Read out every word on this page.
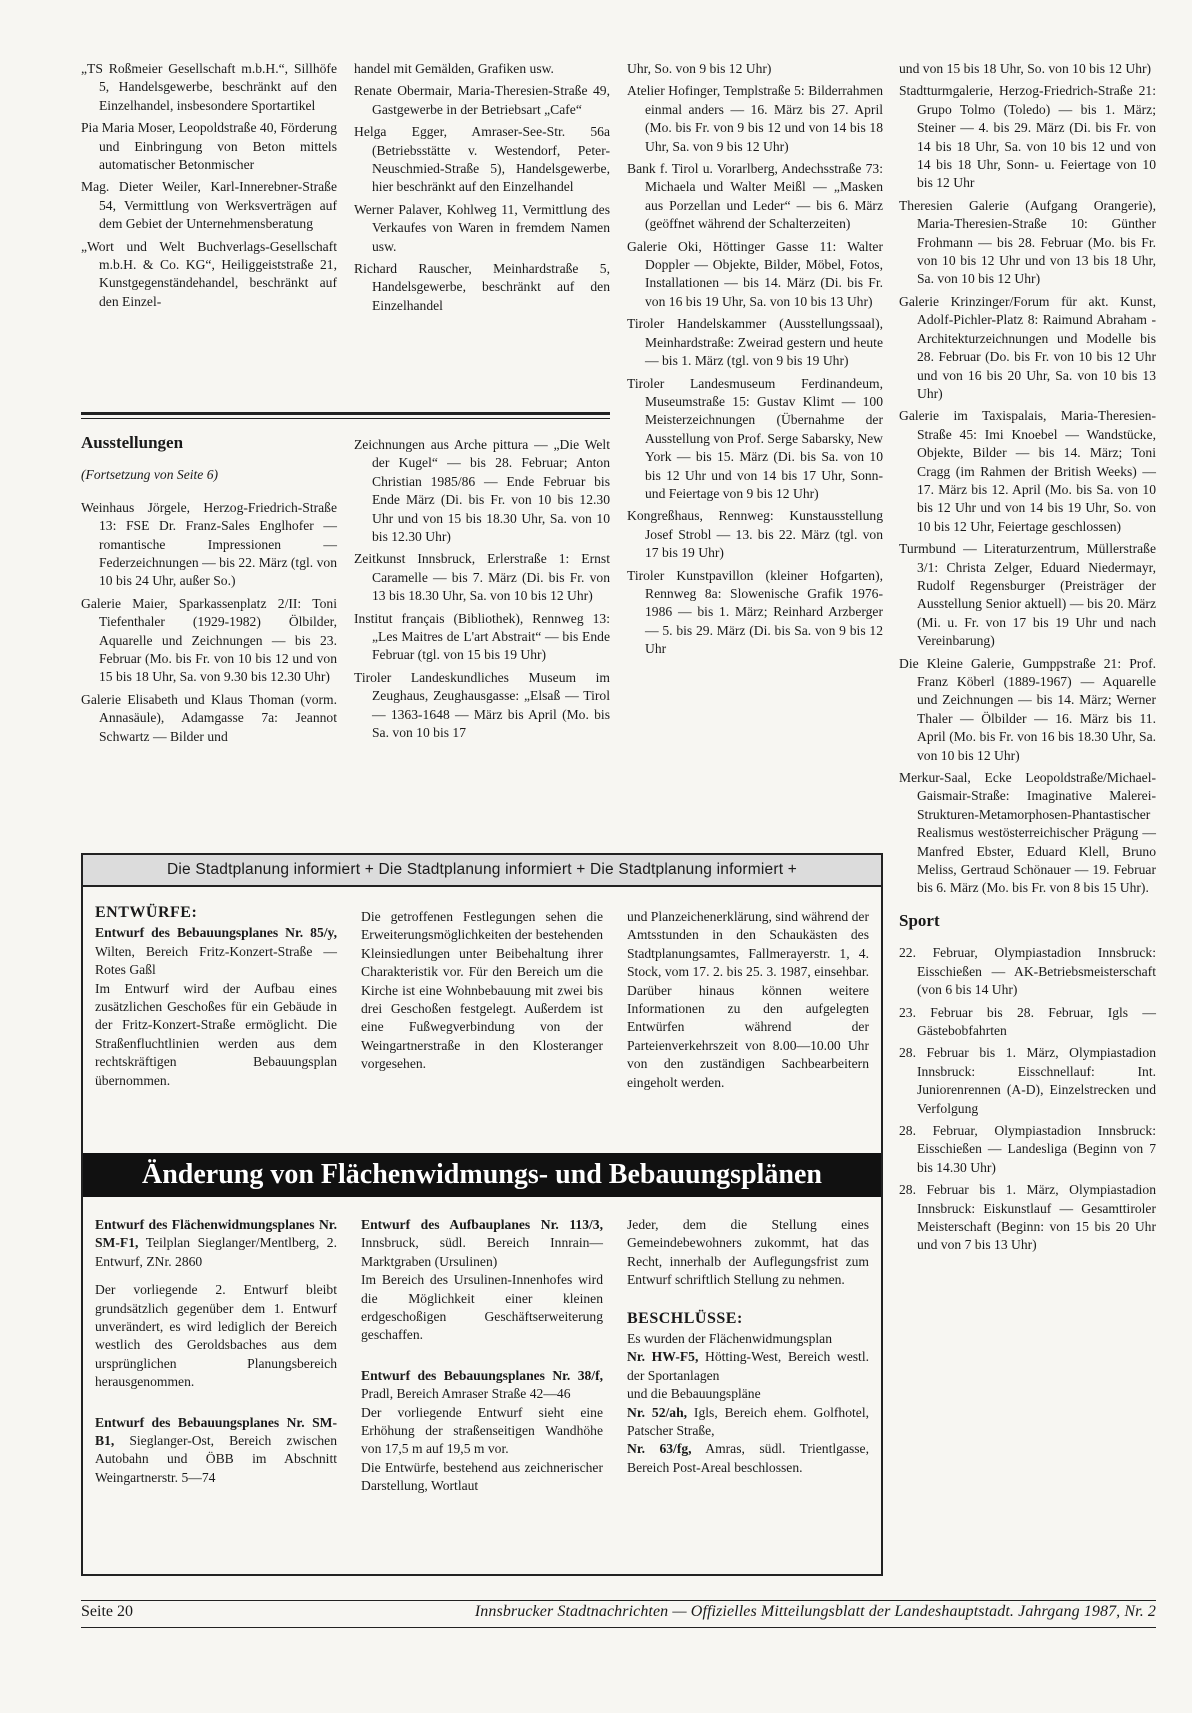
„TS Roßmeier Gesellschaft m.b.H.“, Sillhöfe 5, Handelsgewerbe, beschränkt auf den Einzelhandel, insbesondere Sportartikel

Pia Maria Moser, Leopoldstraße 40, Förderung und Einbringung von Beton mittels automatischer Betonmischer

Mag. Dieter Weiler, Karl-Innerebner-Straße 54, Vermittlung von Werksverträgen auf dem Gebiet der Unternehmensberatung

„Wort und Welt Buchverlags-Gesellschaft m.b.H. & Co. KG“, Heiliggeiststraße 21, Kunstgegenständehandel, beschränkt auf den Einzel-

handel mit Gemälden, Grafiken usw.

Renate Obermair, Maria-Theresien-Straße 49, Gastgewerbe in der Betriebsart „Cafe“

Helga Egger, Amraser-See-Str. 56a (Betriebsstätte v. Westendorf, Peter-Neuschmied-Straße 5), Handelsgewerbe, hier beschränkt auf den Einzelhandel

Werner Palaver, Kohlweg 11, Vermittlung des Verkaufes von Waren in fremdem Namen usw.

Richard Rauscher, Meinhardstraße 5, Handelsgewerbe, beschränkt auf den Einzelhandel

Ausstellungen

(Fortsetzung von Seite 6)

Weinhaus Jörgele, Herzog-Friedrich-Straße 13: FSE Dr. Franz-Sales Englhofer — romantische Impressionen — Federzeichnungen — bis 22. März (tgl. von 10 bis 24 Uhr, außer So.)

Galerie Maier, Sparkassenplatz 2/II: Toni Tiefenthaler (1929-1982) Ölbilder, Aquarelle und Zeichnungen — bis 23. Februar (Mo. bis Fr. von 10 bis 12 und von 15 bis 18 Uhr, Sa. von 9.30 bis 12.30 Uhr)

Galerie Elisabeth und Klaus Thoman (vorm. Annasäule), Adamgasse 7a: Jeannot Schwartz — Bilder und

Zeichnungen aus Arche pittura — „Die Welt der Kugel“ — bis 28. Februar; Anton Christian 1985/86 — Ende Februar bis Ende März (Di. bis Fr. von 10 bis 12.30 Uhr und von 15 bis 18.30 Uhr, Sa. von 10 bis 12.30 Uhr)

Zeitkunst Innsbruck, Erlerstraße 1: Ernst Caramelle — bis 7. März (Di. bis Fr. von 13 bis 18.30 Uhr, Sa. von 10 bis 12 Uhr)

Institut français (Bibliothek), Rennweg 13: „Les Maitres de L'art Abstrait“ — bis Ende Februar (tgl. von 15 bis 19 Uhr)

Tiroler Landeskundliches Museum im Zeughaus, Zeughausgasse: „Elsaß — Tirol — 1363-1648 — März bis April (Mo. bis Sa. von 10 bis 17

Uhr, So. von 9 bis 12 Uhr)

Atelier Hofinger, Templstraße 5: Bilderrahmen einmal anders — 16. März bis 27. April (Mo. bis Fr. von 9 bis 12 und von 14 bis 18 Uhr, Sa. von 9 bis 12 Uhr)

Bank f. Tirol u. Vorarlberg, Andechsstraße 73: Michaela und Walter Meißl — „Masken aus Porzellan und Leder“ — bis 6. März (geöffnet während der Schalterzeiten)

Galerie Oki, Höttinger Gasse 11: Walter Doppler — Objekte, Bilder, Möbel, Fotos, Installationen — bis 14. März (Di. bis Fr. von 16 bis 19 Uhr, Sa. von 10 bis 13 Uhr)

Tiroler Handelskammer (Ausstellungssaal), Meinhardstraße: Zweirad gestern und heute — bis 1. März (tgl. von 9 bis 19 Uhr)

Tiroler Landesmuseum Ferdinandeum, Museumstraße 15: Gustav Klimt — 100 Meisterzeichnungen (Übernahme der Ausstellung von Prof. Serge Sabarsky, New York — bis 15. März (Di. bis Sa. von 10 bis 12 Uhr und von 14 bis 17 Uhr, Sonn- und Feiertage von 9 bis 12 Uhr)

Kongreßhaus, Rennweg: Kunstausstellung Josef Strobl — 13. bis 22. März (tgl. von 17 bis 19 Uhr)

Tiroler Kunstpavillon (kleiner Hofgarten), Rennweg 8a: Slowenische Grafik 1976-1986 — bis 1. März; Reinhard Arzberger — 5. bis 29. März (Di. bis Sa. von 9 bis 12 Uhr

und von 15 bis 18 Uhr, So. von 10 bis 12 Uhr)

Stadtturmgalerie, Herzog-Friedrich-Straße 21: Grupo Tolmo (Toledo) — bis 1. März; Steiner — 4. bis 29. März (Di. bis Fr. von 14 bis 18 Uhr, Sa. von 10 bis 12 und von 14 bis 18 Uhr, Sonn- u. Feiertage von 10 bis 12 Uhr

Theresien Galerie (Aufgang Orangerie), Maria-Theresien-Straße 10: Günther Frohmann — bis 28. Februar (Mo. bis Fr. von 10 bis 12 Uhr und von 13 bis 18 Uhr, Sa. von 10 bis 12 Uhr)

Galerie Krinzinger/Forum für akt. Kunst, Adolf-Pichler-Platz 8: Raimund Abraham - Architekturzeichnungen und Modelle bis 28. Februar (Do. bis Fr. von 10 bis 12 Uhr und von 16 bis 20 Uhr, Sa. von 10 bis 13 Uhr)

Galerie im Taxispalais, Maria-Theresien-Straße 45: Imi Knoebel — Wandstücke, Objekte, Bilder — bis 14. März; Toni Cragg (im Rahmen der British Weeks) — 17. März bis 12. April (Mo. bis Sa. von 10 bis 12 Uhr und von 14 bis 19 Uhr, So. von 10 bis 12 Uhr, Feiertage geschlossen)

Turmbund — Literaturzentrum, Müllerstraße 3/1: Christa Zelger, Eduard Niedermayr, Rudolf Regensburger (Preisträger der Ausstellung Senior aktuell) — bis 20. März (Mi. u. Fr. von 17 bis 19 Uhr und nach Vereinbarung)

Die Kleine Galerie, Gumppstraße 21: Prof. Franz Köberl (1889-1967) — Aquarelle und Zeichnungen — bis 14. März; Werner Thaler — Ölbilder — 16. März bis 11. April (Mo. bis Fr. von 16 bis 18.30 Uhr, Sa. von 10 bis 12 Uhr)

Merkur-Saal, Ecke Leopoldstraße/Michael-Gaismair-Straße: Imaginative Malerei-Strukturen-Metamorphosen-Phantastischer Realismus westösterreichischer Prägung — Manfred Ebster, Eduard Klell, Bruno Meliss, Gertraud Schönauer — 19. Februar bis 6. März (Mo. bis Fr. von 8 bis 15 Uhr).

Sport

22. Februar, Olympiastadion Innsbruck: Eisschießen — AK-Betriebsmeisterschaft (von 6 bis 14 Uhr)

23. Februar bis 28. Februar, Igls — Gästebobfahrten

28. Februar bis 1. März, Olympiastadion Innsbruck: Eisschnellauf: Int. Juniorenrennen (A-D), Einzelstrecken und Verfolgung

28. Februar, Olympiastadion Innsbruck: Eisschießen — Landesliga (Beginn von 7 bis 14.30 Uhr)

28. Februar bis 1. März, Olympiastadion Innsbruck: Eiskunstlauf — Gesamttiroler Meisterschaft (Beginn: von 15 bis 20 Uhr und von 7 bis 13 Uhr)

Die Stadtplanung informiert + Die Stadtplanung informiert + Die Stadtplanung informiert +

ENTWÜRFE:

Entwurf des Bebauungsplanes Nr. 85/y, Wilten, Bereich Fritz-Konzert-Straße — Rotes Gaßl

Im Entwurf wird der Aufbau eines zusätzlichen Geschoßes für ein Gebäude in der Fritz-Konzert-Straße ermöglicht. Die Straßenfluchtlinien werden aus dem rechtskräftigen Bebauungsplan übernommen.

Die getroffenen Festlegungen sehen die Erweiterungsmöglichkeiten der bestehenden Kleinsiedlungen unter Beibehaltung ihrer Charakteristik vor. Für den Bereich um die Kirche ist eine Wohnbebauung mit zwei bis drei Geschoßen festgelegt. Außerdem ist eine Fußwegverbindung von der Weingartnerstraße in den Klosteranger vorgesehen.

und Planzeichenerklärung, sind während der Amtsstunden in den Schaukästen des Stadtplanungsamtes, Fallmerayerstr. 1, 4. Stock, vom 17. 2. bis 25. 3. 1987, einsehbar. Darüber hinaus können weitere Informationen zu den aufgelegten Entwürfen während der Parteienverkehrszeit von 8.00—10.00 Uhr von den zuständigen Sachbearbeitern eingeholt werden.

Änderung von Flächenwidmungs- und Bebauungsplänen

Entwurf des Flächenwidmungsplanes Nr. SM-F1, Teilplan Sieglanger/Mentlberg, 2. Entwurf, ZNr. 2860

Der vorliegende 2. Entwurf bleibt grundsätzlich gegenüber dem 1. Entwurf unverändert, es wird lediglich der Bereich westlich des Geroldsbaches aus dem ursprünglichen Planungsbereich herausgenommen.

Entwurf des Bebauungsplanes Nr. SM-B1, Sieglanger-Ost, Bereich zwischen Autobahn und ÖBB im Abschnitt Weingartnerstr. 5—74

Entwurf des Aufbauplanes Nr. 113/3, Innsbruck, südl. Bereich Innrain—Marktgraben (Ursulinen)

Im Bereich des Ursulinen-Innenhofes wird die Möglichkeit einer kleinen erdgeschoßigen Geschäftserweiterung geschaffen.

Entwurf des Bebauungsplanes Nr. 38/f, Pradl, Bereich Amraser Straße 42—46

Der vorliegende Entwurf sieht eine Erhöhung der straßenseitigen Wandhöhe von 17,5 m auf 19,5 m vor.

Die Entwürfe, bestehend aus zeichnerischer Darstellung, Wortlaut

Jeder, dem die Stellung eines Gemeindebewohners zukommt, hat das Recht, innerhalb der Auflegungsfrist zum Entwurf schriftlich Stellung zu nehmen.

BESCHLÜSSE:

Es wurden der Flächenwidmungsplan

Nr. HW-F5, Hötting-West, Bereich westl. der Sportanlagen

und die Bebauungspläne

Nr. 52/ah, Igls, Bereich ehem. Golfhotel, Patscher Straße,

Nr. 63/fg, Amras, südl. Trientlgasse, Bereich Post-Areal beschlossen.

Seite 20	Innsbrucker Stadtnachrichten — Offizielles Mitteilungsblatt der Landeshauptstadt. Jahrgang 1987, Nr. 2
